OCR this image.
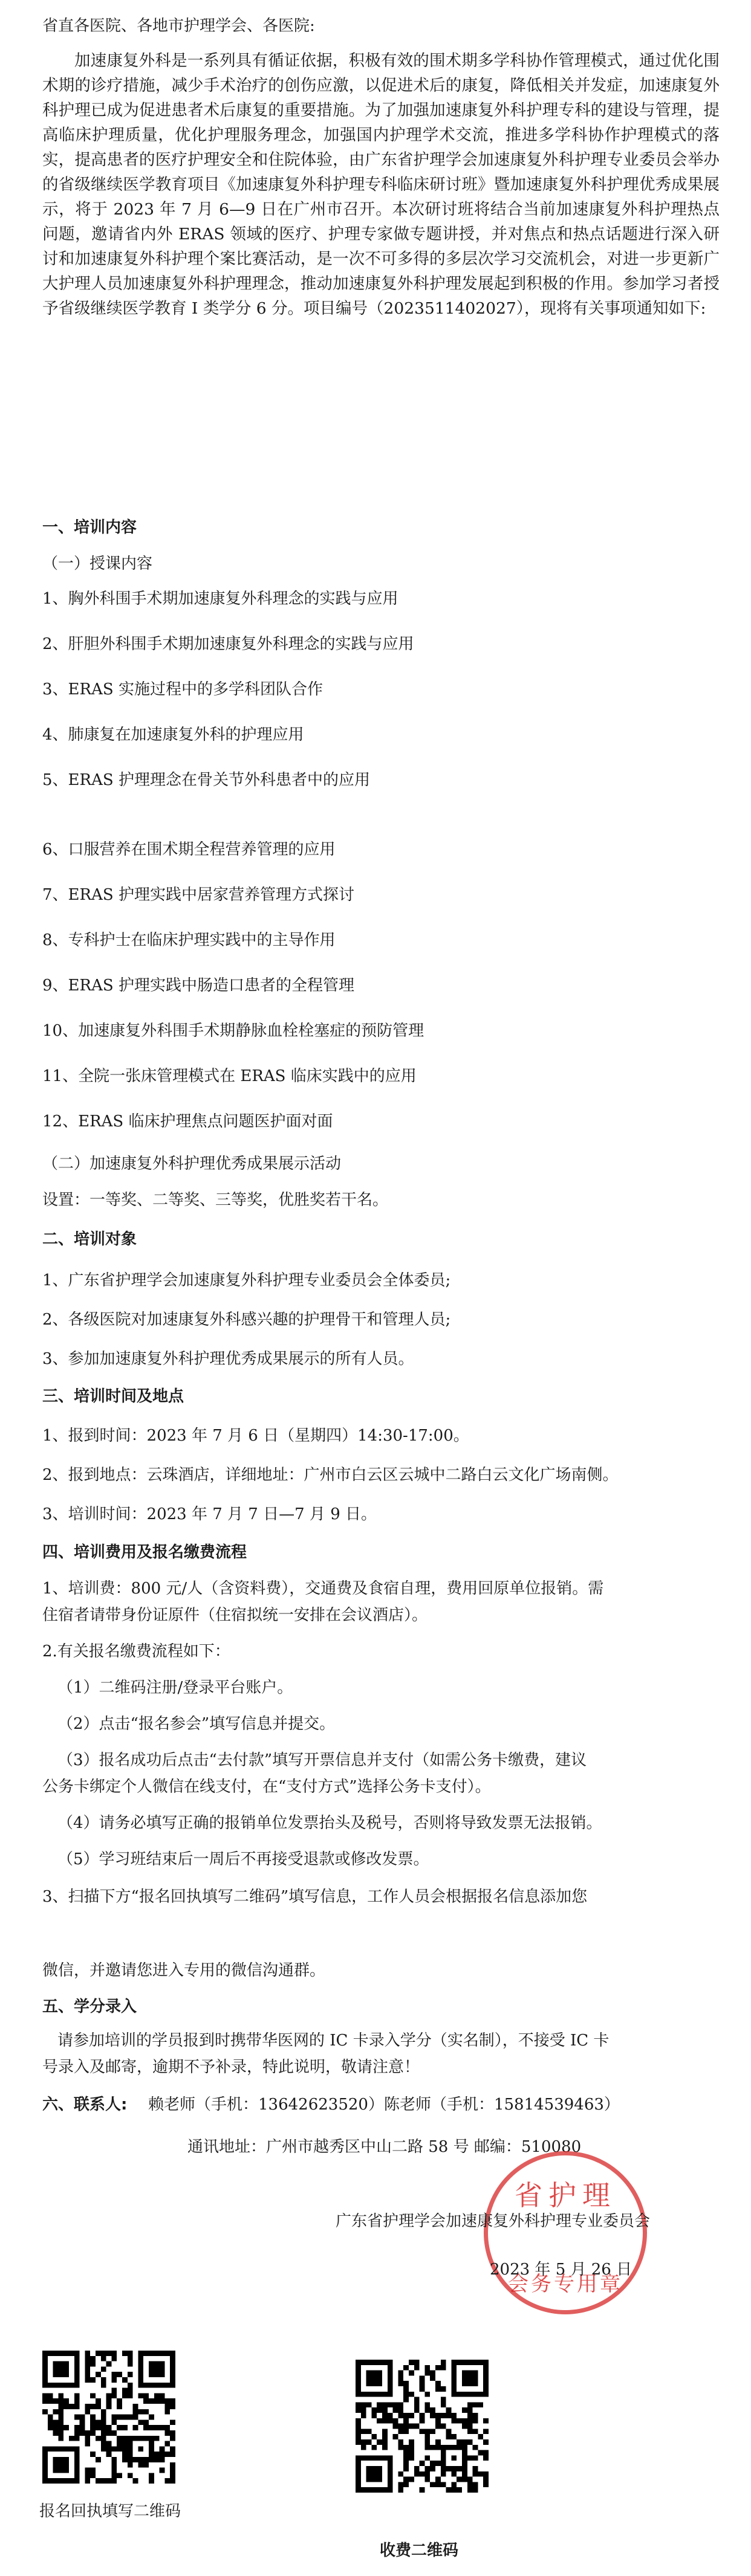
省直各医院、各地市护理学会、各医院:
加速康复外科是一系列具有循证依据，积极有效的围术期多学科协作管理模式，通过优化围术期的诊疗措施，减少手术治疗的创伤应激，以促进术后的康复，降低相关并发症，加速康复外科护理已成为促进患者术后康复的重要措施。为了加强加速康复外科护理专科的建设与管理，提高临床护理质量，优化护理服务理念，加强国内护理学术交流，推进多学科协作护理模式的落实，提高患者的医疗护理安全和住院体验，由广东省护理学会加速康复外科护理专业委员会举办的省级继续医学教育项目《加速康复外科护理专科临床研讨班》暨加速康复外科护理优秀成果展示，将于 2023 年 7 月 6—9 日在广州市召开。本次研讨班将结合当前加速康复外科护理热点问题，邀请省内外 ERAS 领域的医疗、护理专家做专题讲授，并对焦点和热点话题进行深入研讨和加速康复外科护理个案比赛活动，是一次不可多得的多层次学习交流机会，对进一步更新广大护理人员加速康复外科护理理念，推动加速康复外科护理发展起到积极的作用。参加学习者授予省级继续医学教育 I 类学分 6 分。项目编号（2023511402027），现将有关事项通知如下:
一、培训内容
（一）授课内容
1、胸外科围手术期加速康复外科理念的实践与应用
2、肝胆外科围手术期加速康复外科理念的实践与应用
3、ERAS 实施过程中的多学科团队合作
4、肺康复在加速康复外科的护理应用
5、ERAS 护理理念在骨关节外科患者中的应用
6、口服营养在围术期全程营养管理的应用
7、ERAS 护理实践中居家营养管理方式探讨
8、专科护士在临床护理实践中的主导作用
9、ERAS 护理实践中肠造口患者的全程管理
10、加速康复外科围手术期静脉血栓栓塞症的预防管理
11、全院一张床管理模式在 ERAS 临床实践中的应用
12、ERAS 临床护理焦点问题医护面对面
（二）加速康复外科护理优秀成果展示活动
设置：一等奖、二等奖、三等奖，优胜奖若干名。
二、培训对象
1、广东省护理学会加速康复外科护理专业委员会全体委员;
2、各级医院对加速康复外科感兴趣的护理骨干和管理人员;
3、参加加速康复外科护理优秀成果展示的所有人员。
三、培训时间及地点
1、报到时间：2023 年 7 月 6 日（星期四）14:30-17:00。
2、报到地点：云珠酒店，详细地址：广州市白云区云城中二路白云文化广场南侧。
3、培训时间：2023 年 7 月 7 日—7 月 9 日。
四、培训费用及报名缴费流程
1、培训费：800 元/人（含资料费），交通费及食宿自理，费用回原单位报销。需
住宿者请带身份证原件（住宿拟统一安排在会议酒店）。
2.有关报名缴费流程如下：
（1）二维码注册/登录平台账户。
（2）点击“报名参会”填写信息并提交。
（3）报名成功后点击“去付款”填写开票信息并支付（如需公务卡缴费，建议
公务卡绑定个人微信在线支付，在“支付方式”选择公务卡支付）。
（4）请务必填写正确的报销单位发票抬头及税号，否则将导致发票无法报销。
（5）学习班结束后一周后不再接受退款或修改发票。
3、扫描下方“报名回执填写二维码”填写信息，工作人员会根据报名信息添加您
微信，并邀请您进入专用的微信沟通群。
五、学分录入
请参加培训的学员报到时携带华医网的 IC 卡录入学分（实名制），不接受 IC 卡
号录入及邮寄，逾期不予补录，特此说明，敬请注意！
六、联系人:	赖老师（手机：13642623520）陈老师（手机：15814539463）
通讯地址：广州市越秀区中山二路 58 号 邮编：510080
省护理
会务专用章
广东省护理学会加速康复外科护理专业委员会
2023 年 5 月 26 日
报名回执填写二维码
收费二维码
